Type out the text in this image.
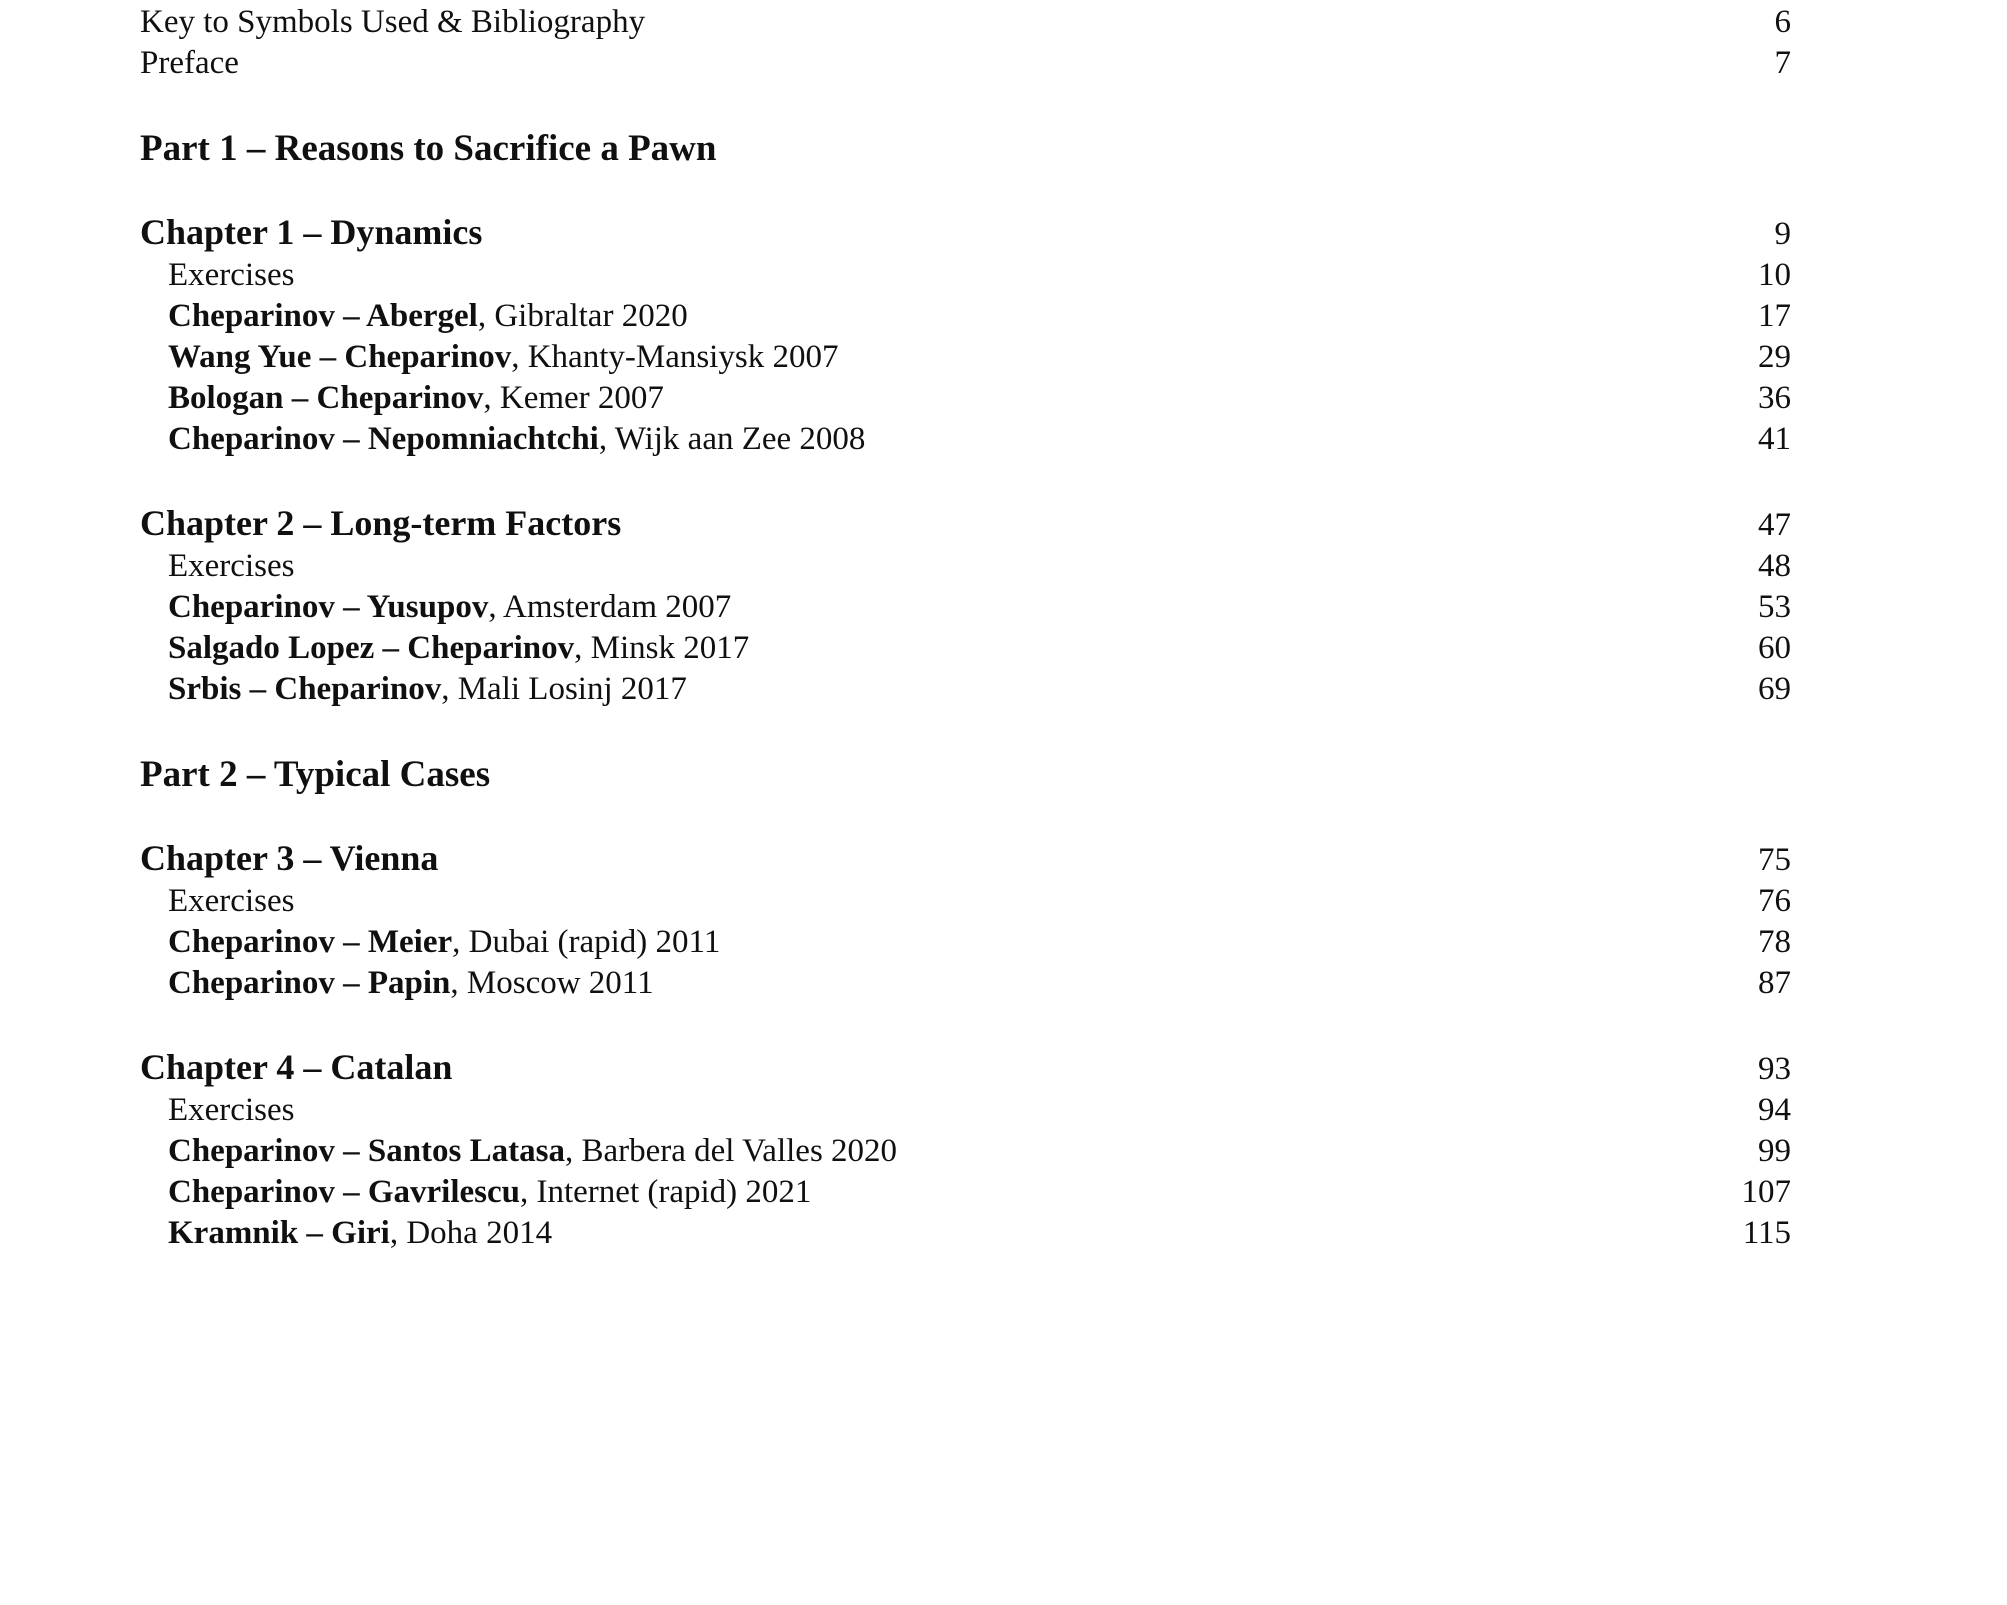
Key to Symbols Used & Bibliography	6
Preface	7
Part 1 – Reasons to Sacrifice a Pawn
Chapter 1 – Dynamics	9
Exercises	10
Cheparinov – Abergel, Gibraltar 2020	17
Wang Yue – Cheparinov, Khanty-Mansiysk 2007	29
Bologan – Cheparinov, Kemer 2007	36
Cheparinov – Nepomniachtchi, Wijk aan Zee 2008	41
Chapter 2 – Long-term Factors	47
Exercises	48
Cheparinov – Yusupov, Amsterdam 2007	53
Salgado Lopez – Cheparinov, Minsk 2017	60
Srbis – Cheparinov, Mali Losinj 2017	69
Part 2 – Typical Cases
Chapter 3 – Vienna	75
Exercises	76
Cheparinov – Meier, Dubai (rapid) 2011	78
Cheparinov – Papin, Moscow 2011	87
Chapter 4 – Catalan	93
Exercises	94
Cheparinov – Santos Latasa, Barbera del Valles 2020	99
Cheparinov – Gavrilescu, Internet (rapid) 2021	107
Kramnik – Giri, Doha 2014	115
